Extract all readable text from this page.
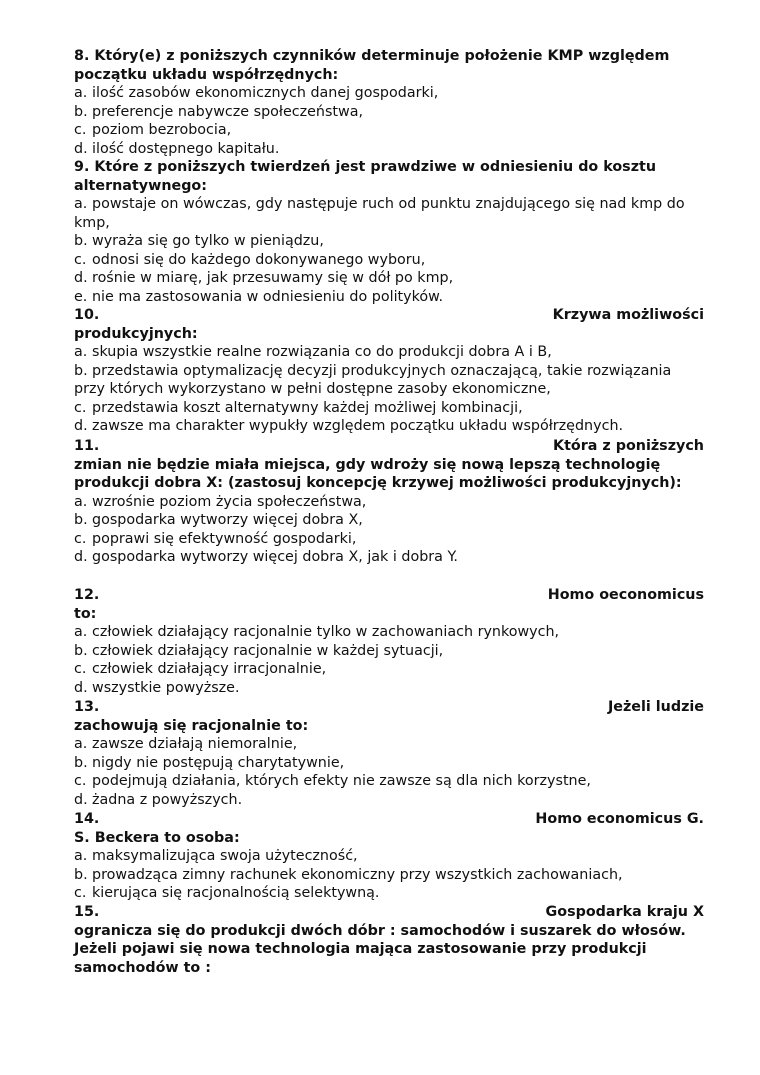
8. Który(e) z poniższych czynników determinuje położenie KMP względem początku układu współrzędnych:
a. ilość zasobów ekonomicznych danej gospodarki,
b. preferencje nabywcze społeczeństwa,
c. poziom bezrobocia,
d. ilość dostępnego kapitału.
9. Które z poniższych twierdzeń jest prawdziwe w odniesieniu do kosztu alternatywnego:
a. powstaje on wówczas, gdy następuje ruch od punktu znajdującego się nad kmp do kmp,
b. wyraża się go tylko w pieniądzu,
c. odnosi się do każdego dokonywanego wyboru,
d. rośnie w miarę, jak przesuwamy się w dół po kmp,
e. nie ma zastosowania w odniesieniu do polityków.
10.	Krzywa możliwości
produkcyjnych:
a. skupia wszystkie realne rozwiązania co do produkcji dobra A i B,
b. przedstawia optymalizację decyzji produkcyjnych oznaczającą, takie rozwiązania przy których wykorzystano w pełni dostępne zasoby ekonomiczne,
c. przedstawia koszt alternatywny każdej możliwej kombinacji,
d. zawsze ma charakter wypukły względem początku układu współrzędnych.
11.	Która z poniższych
zmian nie będzie miała miejsca, gdy wdroży się nową lepszą technologię produkcji dobra X: (zastosuj koncepcję krzywej możliwości produkcyjnych):
a. wzrośnie poziom życia społeczeństwa,
b. gospodarka wytworzy więcej dobra X,
c. poprawi się efektywność gospodarki,
d. gospodarka wytworzy więcej dobra X, jak i dobra Y.
12.	Homo oeconomicus
to:
a. człowiek działający racjonalnie tylko w zachowaniach rynkowych,
b. człowiek działający racjonalnie w każdej sytuacji,
c. człowiek działający irracjonalnie,
d. wszystkie powyższe.
13.	Jeżeli ludzie
zachowują się racjonalnie to:
a. zawsze działają niemoralnie,
b. nigdy nie postępują charytatywnie,
c. podejmują działania, których efekty nie zawsze są dla nich korzystne,
d. żadna z powyższych.
14.	Homo economicus G.
S. Beckera to osoba:
a. maksymalizująca swoja użyteczność,
b. prowadząca zimny rachunek ekonomiczny przy wszystkich zachowaniach,
c. kierująca się racjonalnością selektywną.
15.	Gospodarka kraju X
ogranicza się do produkcji dwóch dóbr : samochodów i suszarek do włosów. Jeżeli pojawi się nowa technologia mająca zastosowanie przy produkcji samochodów to :
